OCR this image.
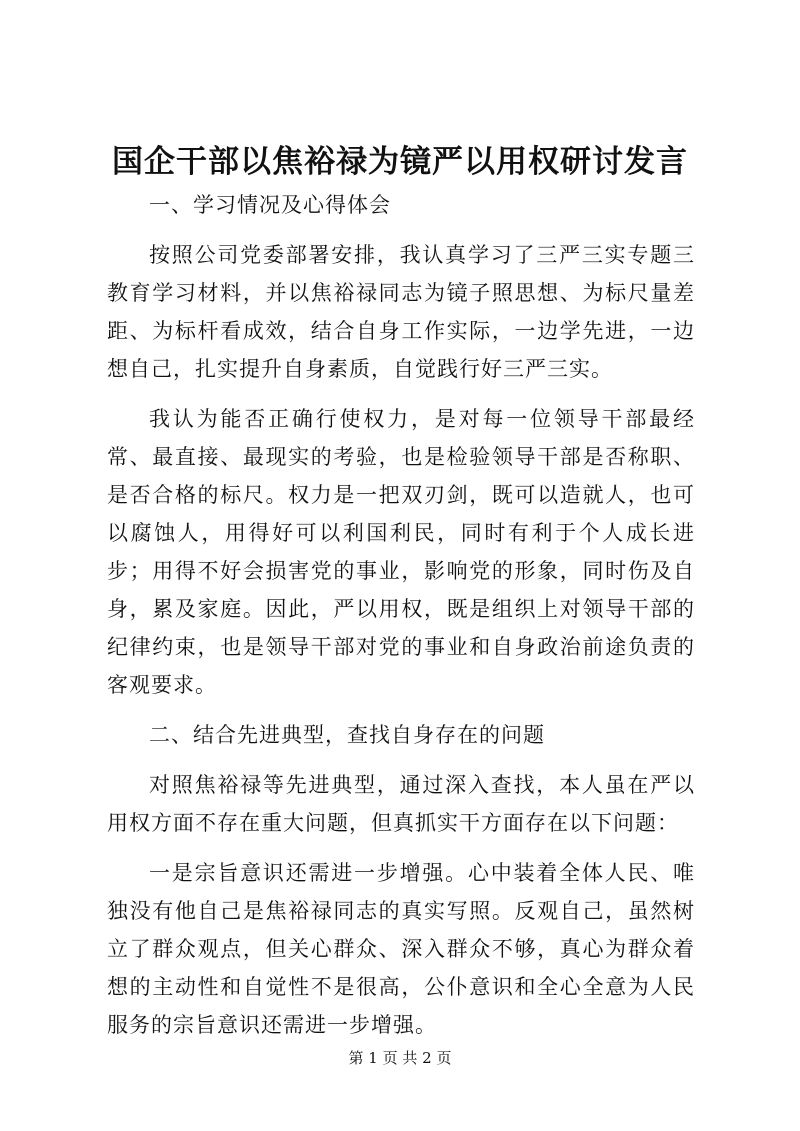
国企干部以焦裕禄为镜严以用权研讨发言

一、学习情况及心得体会

按照公司党委部署安排，我认真学习了三严三实专题三教育学习材料，并以焦裕禄同志为镜子照思想、为标尺量差距、为标杆看成效，结合自身工作实际，一边学先进，一边想自己，扎实提升自身素质，自觉践行好三严三实。

我认为能否正确行使权力，是对每一位领导干部最经常、最直接、最现实的考验，也是检验领导干部是否称职、是否合格的标尺。权力是一把双刃剑，既可以造就人，也可以腐蚀人，用得好可以利国利民，同时有利于个人成长进步；用得不好会损害党的事业，影响党的形象，同时伤及自身，累及家庭。因此，严以用权，既是组织上对领导干部的纪律约束，也是领导干部对党的事业和自身政治前途负责的客观要求。

二、结合先进典型，查找自身存在的问题

对照焦裕禄等先进典型，通过深入查找，本人虽在严以用权方面不存在重大问题，但真抓实干方面存在以下问题：

一是宗旨意识还需进一步增强。心中装着全体人民、唯独没有他自己是焦裕禄同志的真实写照。反观自己，虽然树立了群众观点，但关心群众、深入群众不够，真心为群众着想的主动性和自觉性不是很高，公仆意识和全心全意为人民服务的宗旨意识还需进一步增强。

第 1 页 共 2 页
